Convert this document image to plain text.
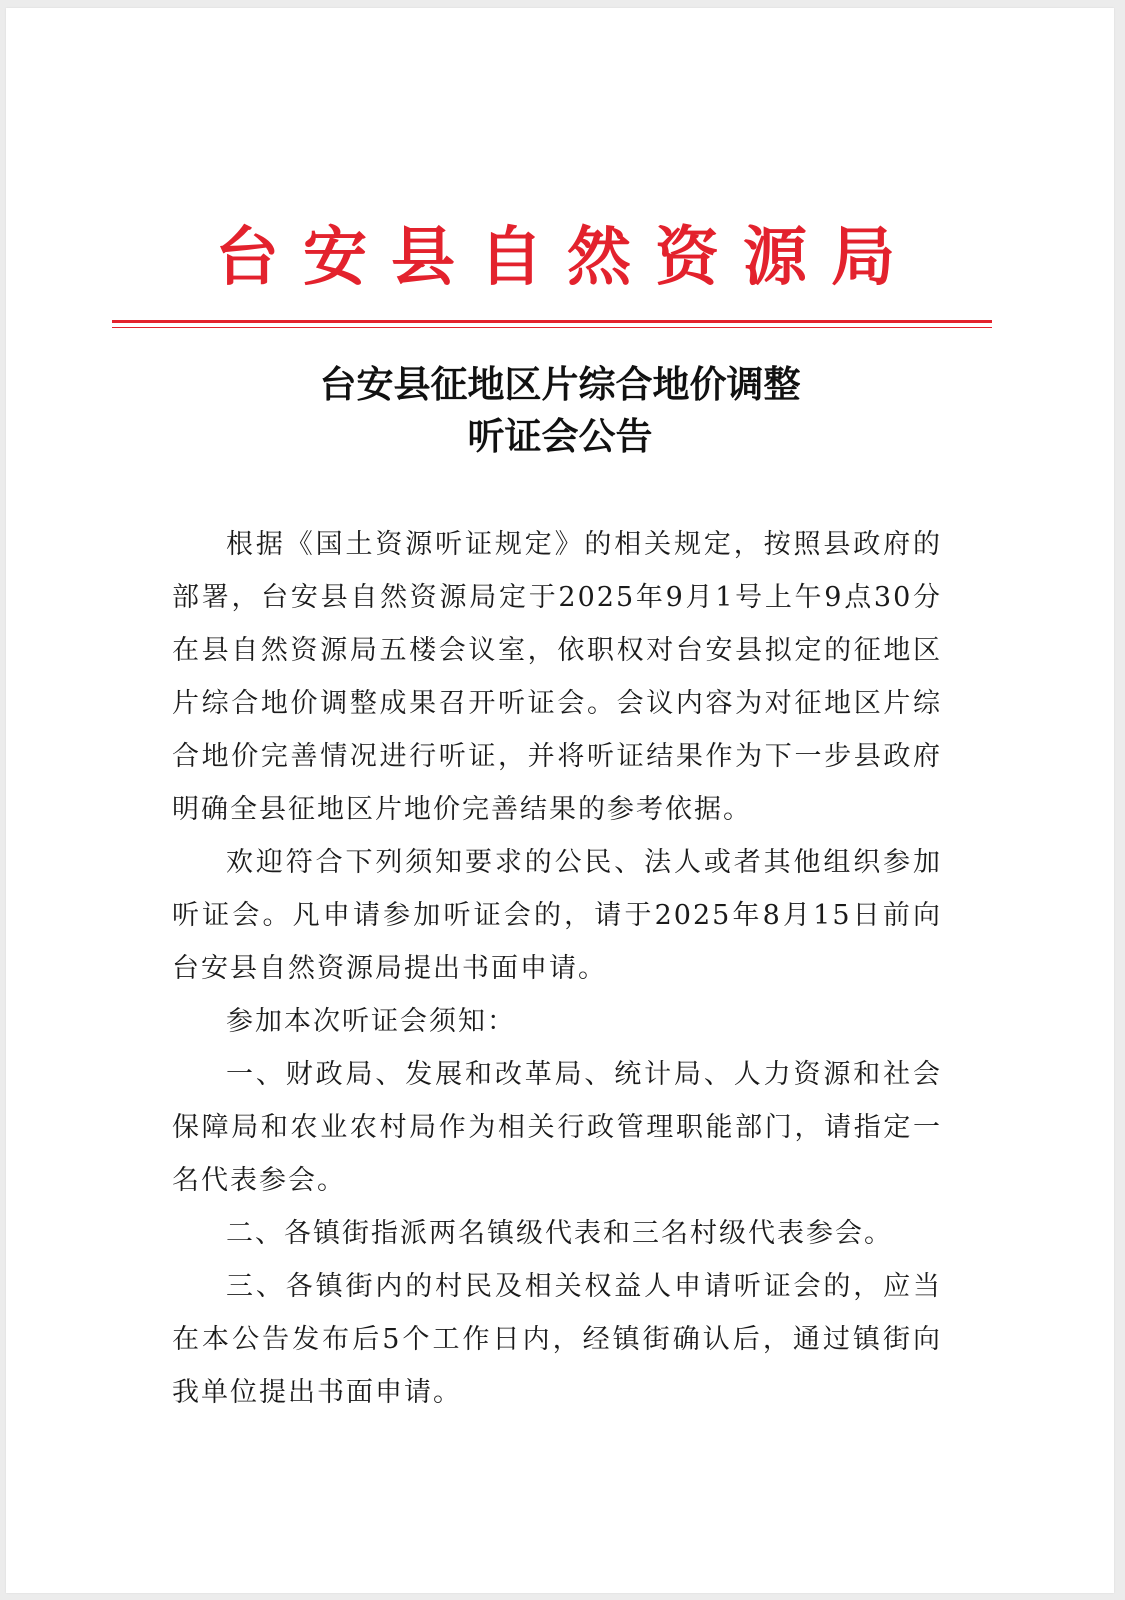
台安县自然资源局
台安县征地区片综合地价调整
听证会公告

根据《国土资源听证规定》的相关规定，按照县政府的部署，台安县自然资源局定于2025年9月1号上午9点30分在县自然资源局五楼会议室，依职权对台安县拟定的征地区片综合地价调整成果召开听证会。会议内容为对征地区片综合地价完善情况进行听证，并将听证结果作为下一步县政府明确全县征地区片地价完善结果的参考依据。

欢迎符合下列须知要求的公民、法人或者其他组织参加听证会。凡申请参加听证会的，请于2025年8月15日前向台安县自然资源局提出书面申请。

参加本次听证会须知：

一、财政局、发展和改革局、统计局、人力资源和社会保障局和农业农村局作为相关行政管理职能部门，请指定一名代表参会。

二、各镇街指派两名镇级代表和三名村级代表参会。

三、各镇街内的村民及相关权益人申请听证会的，应当在本公告发布后5个工作日内，经镇街确认后，通过镇街向我单位提出书面申请。
